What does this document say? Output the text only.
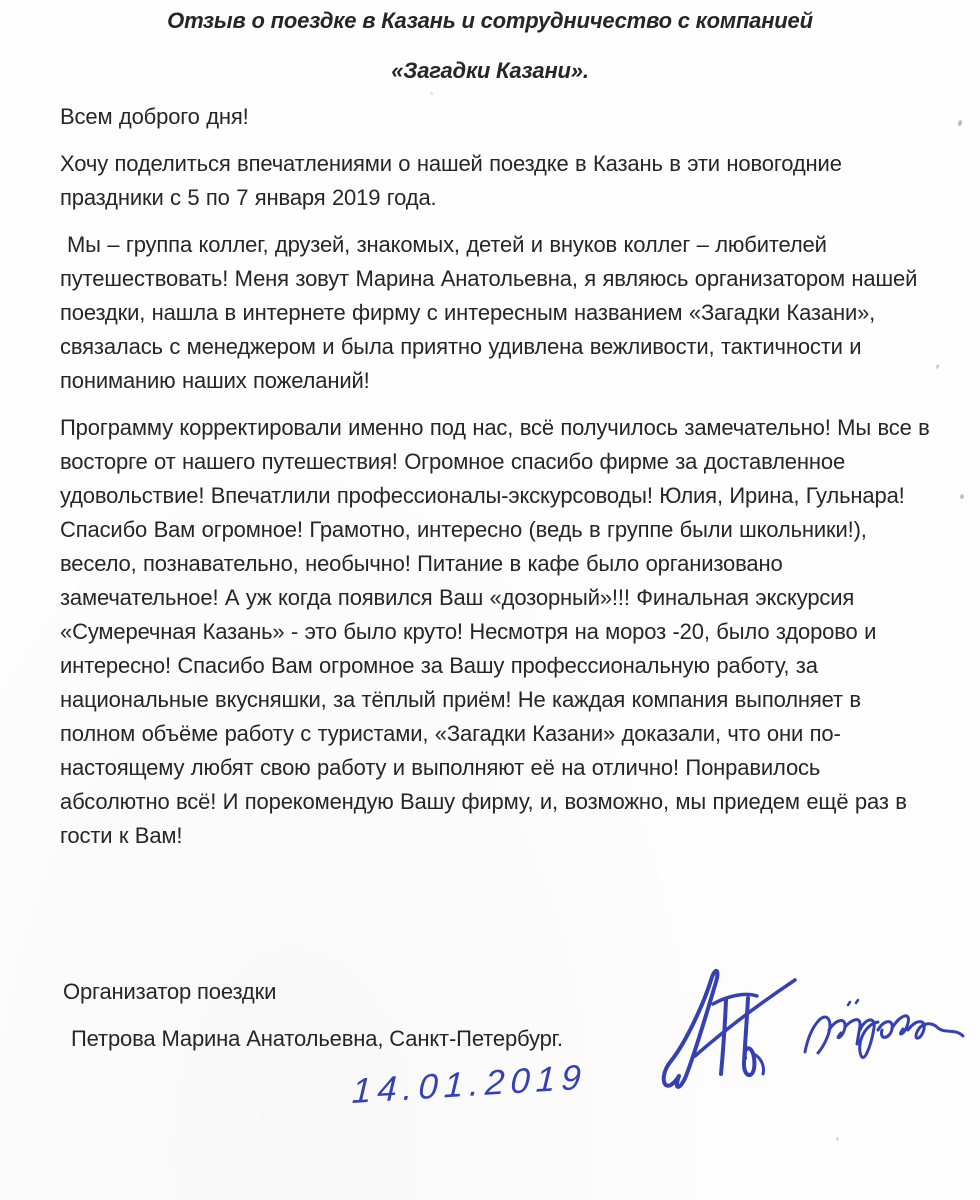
Отзыв о поездке в Казань и сотрудничество с компанией
«Загадки Казани».

Всем доброго дня!

Хочу поделиться впечатлениями о нашей поездке в Казань в эти новогодние праздники с 5 по 7 января 2019 года.

Мы – группа коллег, друзей, знакомых, детей и внуков коллег – любителей путешествовать! Меня зовут Марина Анатольевна, я являюсь организатором нашей поездки, нашла в интернете фирму с интересным названием «Загадки Казани», связалась с менеджером и была приятно удивлена вежливости, тактичности и пониманию наших пожеланий!

Программу корректировали именно под нас, всё получилось замечательно! Мы все в восторге от нашего путешествия! Огромное спасибо фирме за доставленное удовольствие! Впечатлили профессионалы-экскурсоводы! Юлия, Ирина, Гульнара! Спасибо Вам огромное! Грамотно, интересно (ведь в группе были школьники!), весело, познавательно, необычно! Питание в кафе было организовано замечательное! А уж когда появился Ваш «дозорный»!!! Финальная экскурсия «Сумеречная Казань» - это было круто! Несмотря на мороз -20, было здорово и интересно! Спасибо Вам огромное за Вашу профессиональную работу, за национальные вкусняшки, за тёплый приём! Не каждая компания выполняет в полном объёме работу с туристами, «Загадки Казани» доказали, что они по-настоящему любят свою работу и выполняют её на отлично! Понравилось абсолютно всё! И порекомендую Вашу фирму, и, возможно, мы приедем ещё раз в гости к Вам!

Организатор поездки
Петрова Марина Анатольевна, Санкт-Петербург.
14.01.2019
